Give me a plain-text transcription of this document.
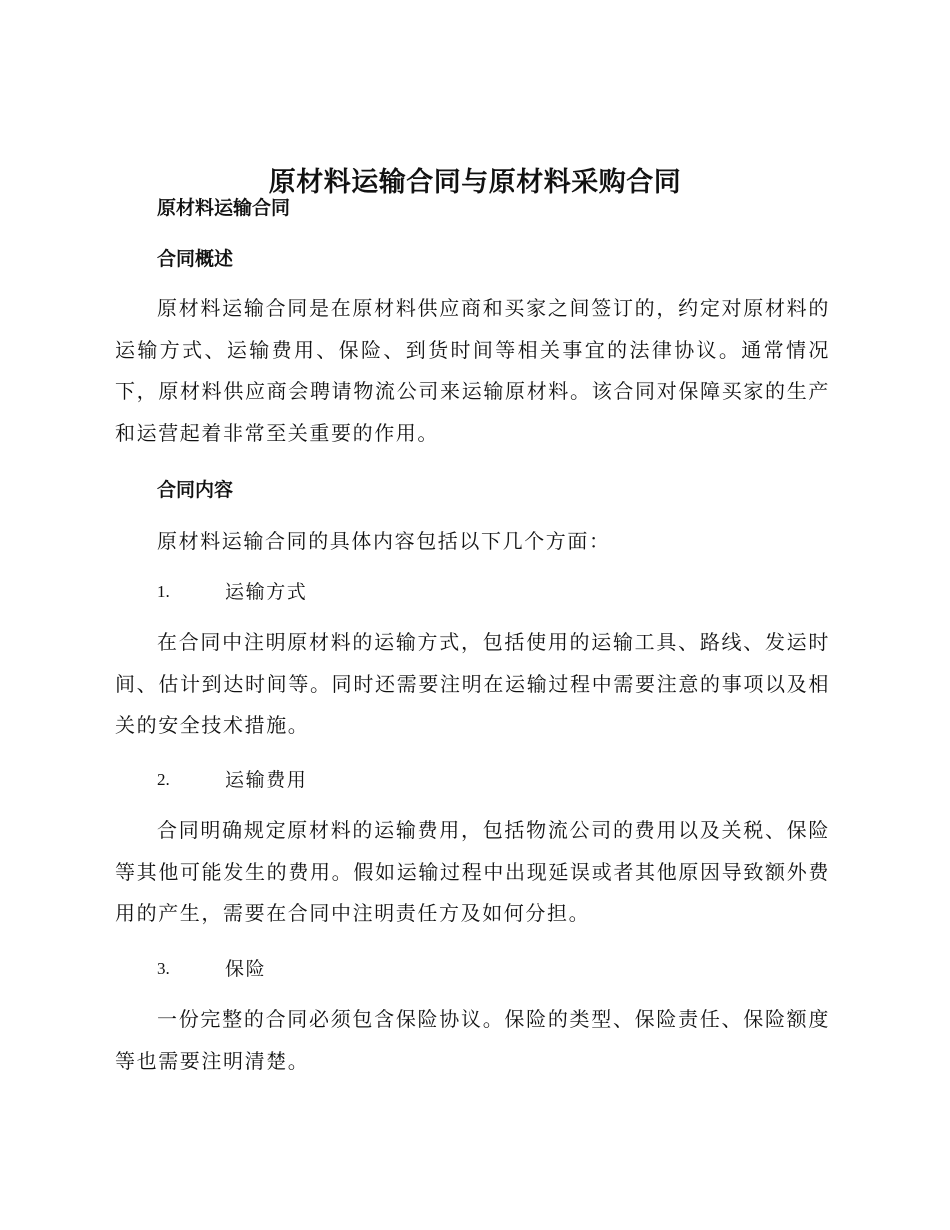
原材料运输合同与原材料采购合同
原材料运输合同
合同概述

原材料运输合同是在原材料供应商和买家之间签订的，约定对原材料的运输方式、运输费用、保险、到货时间等相关事宜的法律协议。通常情况下，原材料供应商会聘请物流公司来运输原材料。该合同对保障买家的生产和运营起着非常至关重要的作用。

合同内容

原材料运输合同的具体内容包括以下几个方面：

1.	运输方式

在合同中注明原材料的运输方式，包括使用的运输工具、路线、发运时间、估计到达时间等。同时还需要注明在运输过程中需要注意的事项以及相关的安全技术措施。

2.	运输费用

合同明确规定原材料的运输费用，包括物流公司的费用以及关税、保险等其他可能发生的费用。假如运输过程中出现延误或者其他原因导致额外费用的产生，需要在合同中注明责任方及如何分担。

3.	保险

一份完整的合同必须包含保险协议。保险的类型、保险责任、保险额度等也需要注明清楚。
